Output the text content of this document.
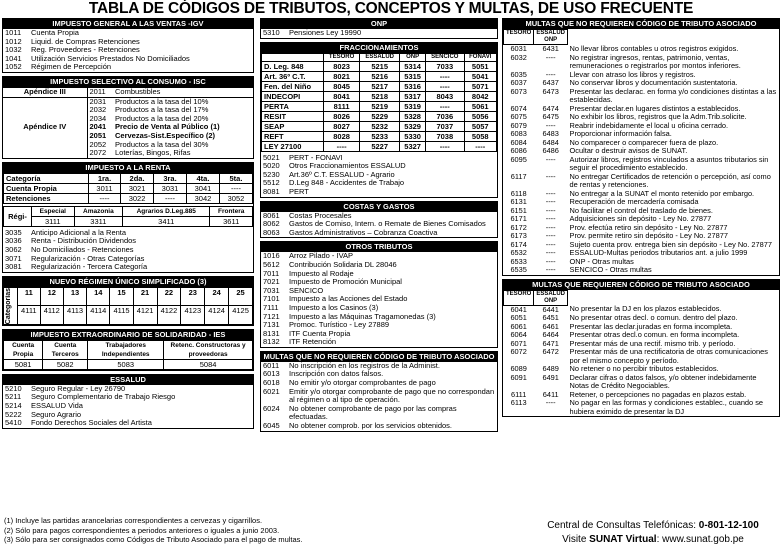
TABLA DE CÓDIGOS DE TRIBUTOS, CONCEPTOS Y MULTAS, DE USO FRECUENTE
IMPUESTO GENERAL A LAS VENTAS -IGV
1011	Cuenta Propia
1012	Liquid. de Compras Retenciones
1032	Reg. Proveedores - Retenciones
1041	Utilización Servicios Prestados No Domiciliados
1052	Régimen de Percepción
IMPUESTO SELECTIVO AL CONSUMO - ISC
Apéndice III	2011	Combustibles
Apéndice IV	2031	Productos a la tasa del 10%
	2032	Productos a la tasa del 17%
	2034	Productos a la tasa del 20%
	2041	Precio de Venta al Público (1)
	2051	Cervezas-Sist.Específico (2)
	2052	Productos a la tasa del 30%
	2072	Loterías, Bingos, Rifas
IMPUESTO A LA RENTA
Categoría	1ra.	2da.	3ra.	4ta.	5ta.
Cuenta Propia	3011	3021	3031	3041	----
Retenciones	----	3022	----	3042	3052
Régi-	Especial	Amazonia	Agrarios D.Leg.885	Frontera
	3111	3311	3411	3611
3035	Anticipo Adicional a la Renta
3036	Renta - Distribución Dividendos
3062	No Domiciliados - Retenciones
3071	Regularización - Otras Categorías
3081	Regularización - Tercera Categoría
NUEVO RÉGIMEN ÚNICO SIMPLIFICADO (3)
Categorías	11	12	13	14	15	21	22	23	24	25
	4111	4112	4113	4114	4115	4121	4122	4123	4124	4125
IMPUESTO EXTRAORDINARIO DE SOLIDARIDAD - IES
Cuenta Propia	Cuenta Terceros	Trabajadores Independientes	Retenc. Constructoras y proveedoras
5081	5082	5083	5084
ESSALUD
5210	Seguro Regular - Ley 26790
5211	Seguro Complementario de Trabajo Riesgo
5214	ESSALUD Vida
5222	Seguro Agrario
5410	Fondo Derechos Sociales del Artista
ONP
5310	Pensiones Ley 19990
FRACCIONAMIENTOS
	TESORO	ESSALUD	ONP	SENCICO	FONAVI
D. Leg. 848	8023	5215	5314	7033	5051
Art. 36º C.T.	8021	5216	5315	----	5041
Fen. del Niño	8045	5217	5316	----	5071
INDECOPI	8041	5218	5317	8043	8042
PERTA	8111	5219	5319	----	5061
RESIT	8026	5229	5328	7036	5056
SEAP	8027	5232	5329	7037	5057
REFT	8028	5233	5330	7038	5058
LEY 27100	----	5227	5327	----	----
5021	PERT - FONAVI
5020	Otros Fraccionamientos ESSALUD
5230	Art.36º C.T. ESSALUD - Agrario
5512	D.Leg 848 - Accidentes de Trabajo
8081	PERT
COSTAS Y GASTOS
8061	Costas Procesales
8062	Gastos de Comiso, Intern. o Remate de Bienes Comisados
8063	Gastos Administrativos – Cobranza Coactiva
OTROS TRIBUTOS
1016	Arroz Pilado - IVAP
5612	Contribución Solidaria DL 28046
7011	Impuesto al Rodaje
7021	Impuesto de Promoción Municipal
7031	SENCICO
7101	Impuesto a las Acciones del Estado
7111	Impuesto a los Casinos (3)
7121	Impuesto a las Máquinas Tragamonedas (3)
7131	Promoc. Turístico - Ley 27889
8131	ITF Cuenta Propia
8132	ITF Retención
MULTAS QUE NO REQUIEREN CÓDIGO DE TRIBUTO ASOCIADO
6011	No inscripción en los registros de la Administ.
6013	Inscripción con datos falsos.
6018	No emitir y/o otorgar comprobantes de pago
6021	Emitir y/o otorgar comprobante de pago que no correspondan al régimen o al tipo de operación.
6024	No obtener comprobante de pago por las compras efectuadas.
6045	No obtener comprob. por los servicios obtenidos.
MULTAS QUE NO REQUIEREN CÓDIGO DE TRIBUTO ASOCIADO
TESORO	ESSALUD ONP	
6031	6431	No llevar libros contables u otros registros exigidos.
6032	----	No registrar ingresos, rentas, patrimonio, ventas, remuneraciones o registrarlos por montos inferiores.
6035	----	Llevar con atraso los libros y registros.
6037	6437	No conservar libros y documentación sustentatoria.
6073	6473	Presentar las declarac. en forma y/o condiciones distintas a las establecidas.
6074	6474	Presentar declar.en lugares distintos a establecidos.
6075	6475	No exhibir los libros, registros que la Adm.Trib.solicite.
6079	----	Reabrir indebidamente el local u oficina cerrado.
6083	6483	Proporcionar información falsa.
6084	6484	No comparecer o comparecer fuera de plazo.
6086	6486	Ocultar o destruir avisos de SUNAT.
6095	----	Autorizar libros, registros vinculados a asuntos tributarios sin seguir el procedimiento establecido.
6117	----	No entregar Certificados de retención o percepción, así como de rentas y retenciones.
6118	----	No entregar a la SUNAT el monto retenido por embargo.
6131	----	Recuperación de mercadería comisada
6151	----	No facilitar el control del traslado de bienes.
6171	----	Adquisiciones sin depósito - Ley No. 27877
6172	----	Prov. efectúa retiro sin depósito - Ley No. 27877
6173	----	Prov. permite retiro sin depósito - Ley No. 27877
6174	----	Sujeto cuenta prov. entrega bien sin depósito - Ley No. 27877
6532	----	ESSALUD-Multas periodos tributarios ant. a julio 1999
6533	----	ONP - Otras multas
6535	----	SENCICO - Otras multas
MULTAS QUE REQUIEREN CÓDIGO DE TRIBUTO ASOCIADO
TESORO	ESSALUD ONP	
6041	6441	No presentar la DJ en los plazos establecidos.
6051	6451	No presentar otras decl. o comun. dentro del plazo.
6061	6461	Presentar las declar.juradas en forma incompleta.
6064	6464	Presentar otras decl.o comun. en forma incompleta.
6071	6471	Presentar más de una rectif. mismo trib. y período.
6072	6472	Presentar más de una rectificatoria de otras comunicaciones por el mismo concepto y período.
6089	6489	No retener o no percibir tributos establecidos.
6091	6491	Declarar cifras o datos falsos, y/o obtener indebidamente Notas de Crédito Negociables.
6111	6411	Retener, o percepciones no pagadas en plazos estab.
6113	----	No pagar en las formas y condiciones establec., cuando se hubiera eximido de presentar la DJ
(1) Incluye las partidas arancelarias correspondientes a cervezas y cigarrillos.
(2) Sólo para pagos correspondientes a periodos anteriores o iguales a junio 2003.
(3) Sólo para ser consignados como Códigos de Tributo Asociado para el pago de multas.
Central de Consultas Telefónicas: 0-801-12-100
Visite SUNAT Virtual: www.sunat.gob.pe
